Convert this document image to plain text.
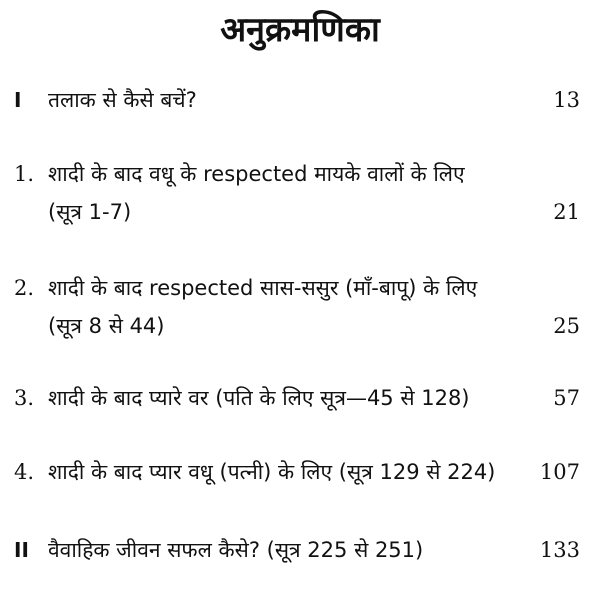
अनुक्रमणिका
I तलाक से कैसे बचें?	13
1. शादी के बाद वधू के respected मायके वालों के लिए
(सूत्र 1-7)	21
2. शादी के बाद respected सास-ससुर (माँ-बापू) के लिए
(सूत्र 8 से 44)	25
3. शादी के बाद प्यारे वर (पति के लिए सूत्र—45 से 128)	57
4. शादी के बाद प्यार वधू (पत्नी) के लिए (सूत्र 129 से 224) 107
II वैवाहिक जीवन सफल कैसे? (सूत्र 225 से 251)	133
